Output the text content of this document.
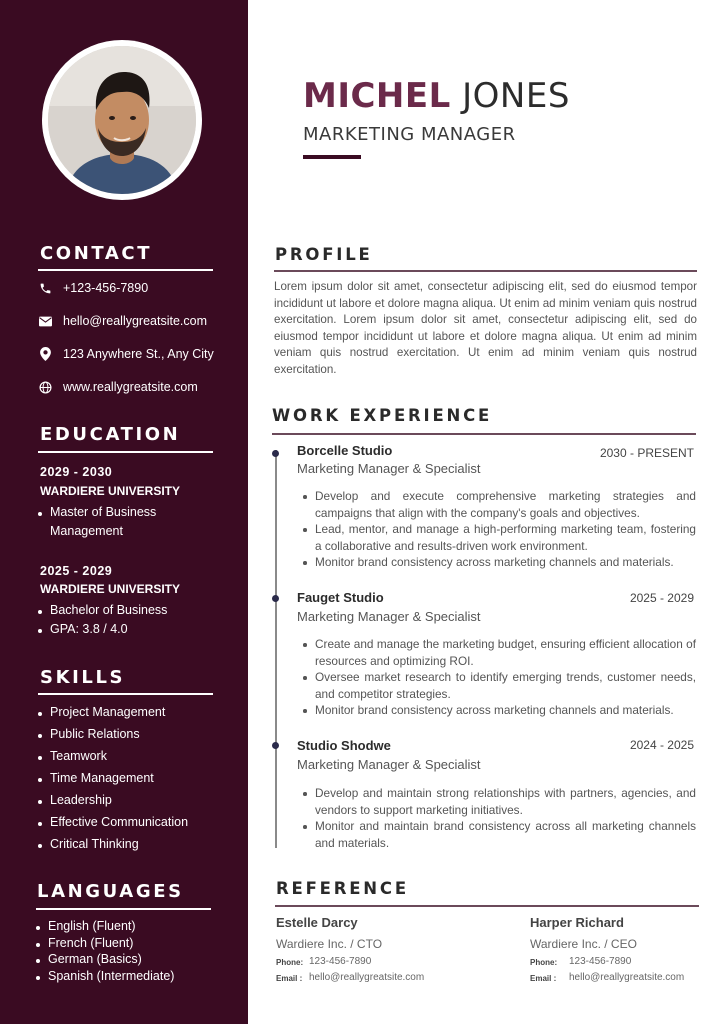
CONTACT
+123-456-7890
hello@reallygreatsite.com
123 Anywhere St., Any City
www.reallygreatsite.com
EDUCATION
2029 - 2030
WARDIERE UNIVERSITY
Master of Business
Management
2025 - 2029
WARDIERE UNIVERSITY
Bachelor of Business
GPA: 3.8 / 4.0
SKILLS
Project Management
Public Relations
Teamwork
Time Management
Leadership
Effective Communication
Critical Thinking
LANGUAGES
English (Fluent)
French (Fluent)
German (Basics)
Spanish (Intermediate)
MICHEL JONES
MARKETING MANAGER
PROFILE

Lorem ipsum dolor sit amet, consectetur adipiscing elit, sed do eiusmod tempor incididunt ut labore et dolore magna aliqua. Ut enim ad minim veniam quis nostrud exercitation. Lorem ipsum dolor sit amet, consectetur adipiscing elit, sed do eiusmod tempor incididunt ut labore et dolore magna aliqua. Ut enim ad minim veniam quis nostrud exercitation. Ut enim ad minim veniam quis nostrud exercitation.

WORK EXPERIENCE
Borcelle Studio	2030 - PRESENT
Marketing Manager & Specialist
Develop and execute comprehensive marketing strategies and campaigns that align with the company's goals and objectives.
Lead, mentor, and manage a high-performing marketing team, fostering a collaborative and results-driven work environment.
Monitor brand consistency across marketing channels and materials.
Fauget Studio	2025 - 2029
Marketing Manager & Specialist
Create and manage the marketing budget, ensuring efficient allocation of resources and optimizing ROI.
Oversee market research to identify emerging trends, customer needs, and competitor strategies.
Monitor brand consistency across marketing channels and materials.
Studio Shodwe	2024 - 2025
Marketing Manager & Specialist
Develop and maintain strong relationships with partners, agencies, and vendors to support marketing initiatives.
Monitor and maintain brand consistency across all marketing channels and materials.
REFERENCE
Estelle Darcy
Wardiere Inc. / CTO
Phone: 123-456-7890
Email : hello@reallygreatsite.com
Harper Richard
Wardiere Inc. / CEO
Phone: 123-456-7890
Email : hello@reallygreatsite.com
